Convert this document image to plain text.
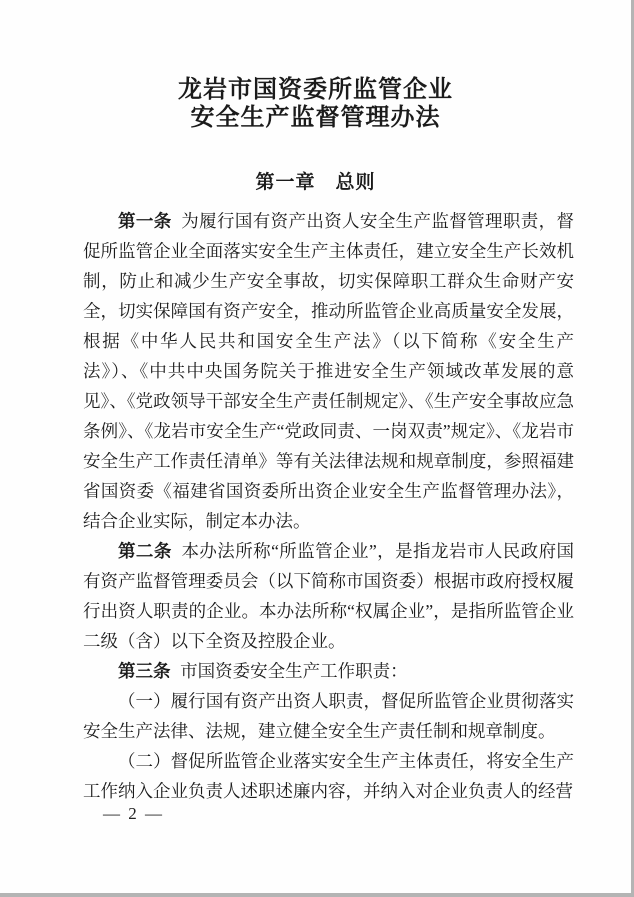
龙岩市国资委所监管企业
安全生产监督管理办法
第一章　总则

第一条 为履行国有资产出资人安全生产监督管理职责，督促所监管企业全面落实安全生产主体责任，建立安全生产长效机制，防止和减少生产安全事故，切实保障职工群众生命财产安全，切实保障国有资产安全，推动所监管企业高质量安全发展，根据《中华人民共和国安全生产法》（以下简称《安全生产法》）、《中共中央国务院关于推进安全生产领域改革发展的意见》、《党政领导干部安全生产责任制规定》、《生产安全事故应急条例》、《龙岩市安全生产“党政同责、一岗双责”规定》、《龙岩市安全生产工作责任清单》等有关法律法规和规章制度，参照福建省国资委《福建省国资委所出资企业安全生产监督管理办法》，结合企业实际，制定本办法。

第二条 本办法所称“所监管企业”，是指龙岩市人民政府国有资产监督管理委员会（以下简称市国资委）根据市政府授权履行出资人职责的企业。本办法所称“权属企业”，是指所监管企业二级（含）以下全资及控股企业。

第三条 市国资委安全生产工作职责：

（一）履行国有资产出资人职责，督促所监管企业贯彻落实安全生产法律、法规，建立健全安全生产责任制和规章制度。

（二）督促所监管企业落实安全生产主体责任，将安全生产工作纳入企业负责人述职述廉内容，并纳入对企业负责人的经营

— 2 —
